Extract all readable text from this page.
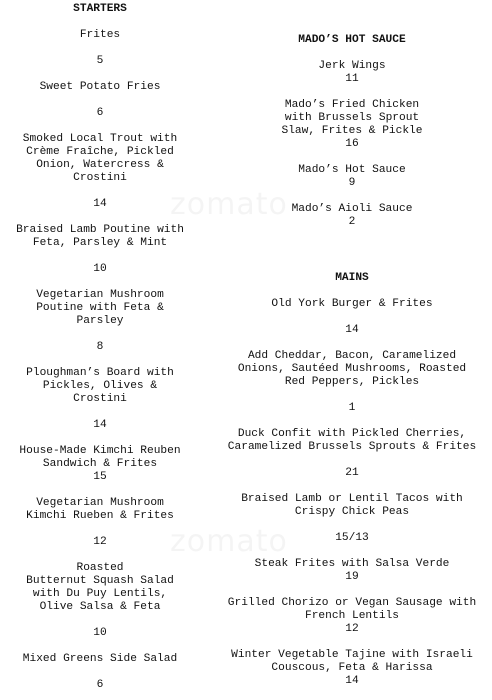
STARTERS
Frites
5
Sweet Potato Fries
6
Smoked Local Trout with
Crème Fraîche, Pickled
Onion, Watercress &
Crostini
14
Braised Lamb Poutine with
Feta, Parsley & Mint
10
Vegetarian Mushroom
Poutine with Feta &
Parsley
8
Ploughman’s Board with
Pickles, Olives &
Crostini
14
House-Made Kimchi Reuben
Sandwich & Frites
15
Vegetarian Mushroom
Kimchi Rueben & Frites
12
Roasted
Butternut Squash Salad
with Du Puy Lentils,
Olive Salsa & Feta
10
Mixed Greens Side Salad
6
MADO’S HOT SAUCE
Jerk Wings
11
Mado’s Fried Chicken
with Brussels Sprout
Slaw, Frites & Pickle
16
Mado’s Hot Sauce
9
Mado’s Aioli Sauce
2
MAINS
Old York Burger & Frites
14
Add Cheddar, Bacon, Caramelized
Onions, Sautéed Mushrooms, Roasted
Red Peppers, Pickles
1
Duck Confit with Pickled Cherries,
Caramelized Brussels Sprouts & Frites
21
Braised Lamb or Lentil Tacos with
Crispy Chick Peas
15/13
Steak Frites with Salsa Verde
19
Grilled Chorizo or Vegan Sausage with
French Lentils
12
Winter Vegetable Tajine with Israeli
Couscous, Feta & Harissa
14
